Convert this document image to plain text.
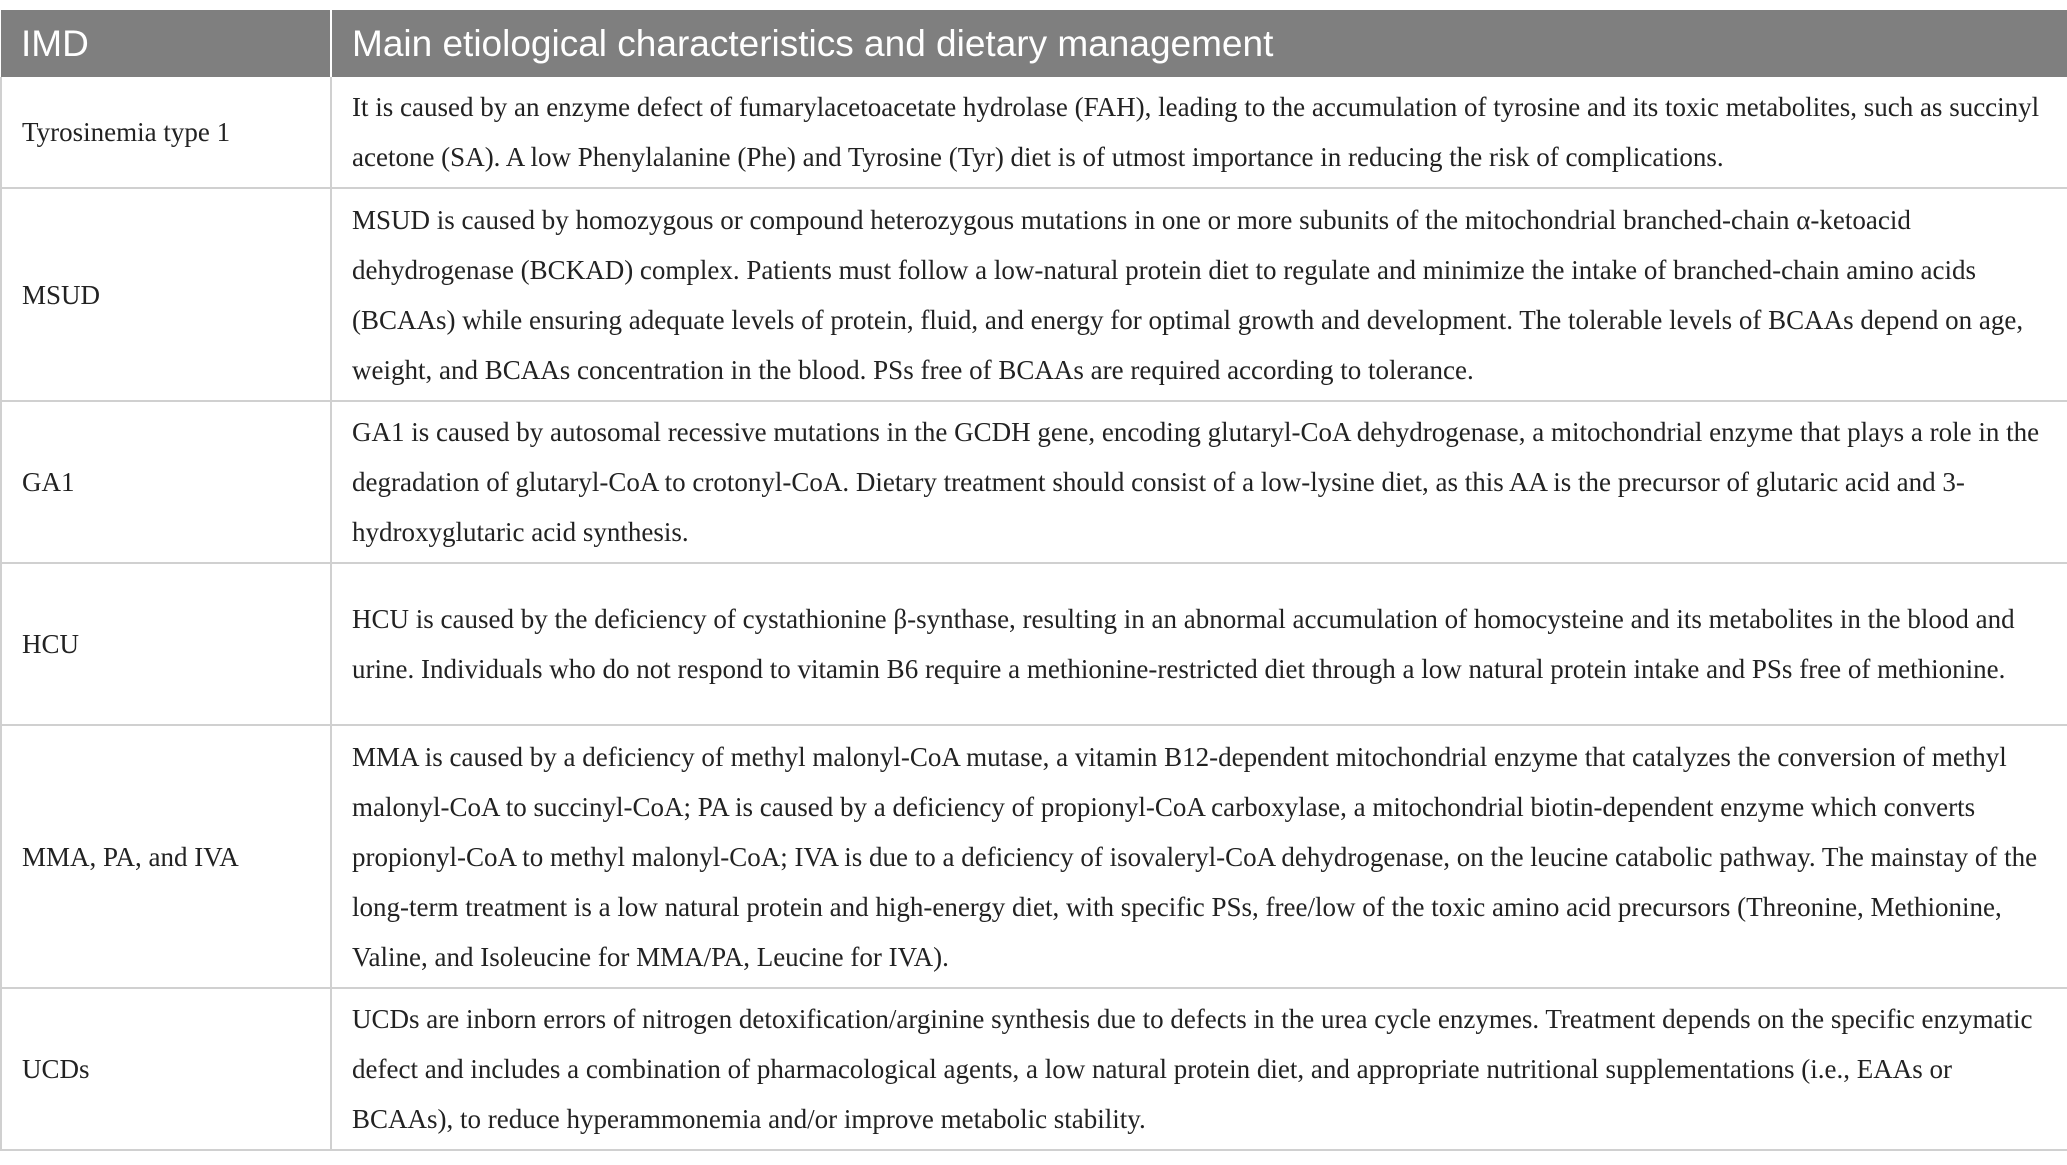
IMD	Main etiological characteristics and dietary management
Tyrosinemia type 1	It is caused by an enzyme defect of fumarylacetoacetate hydrolase (FAH), leading to the accumulation of tyrosine and its toxic metabolites, such as succinyl acetone (SA). A low Phenylalanine (Phe) and Tyrosine (Tyr) diet is of utmost importance in reducing the risk of complications.
MSUD	MSUD is caused by homozygous or compound heterozygous mutations in one or more subunits of the mitochondrial branched-chain α-ketoacid dehydrogenase (BCKAD) complex. Patients must follow a low-natural protein diet to regulate and minimize the intake of branched-chain amino acids (BCAAs) while ensuring adequate levels of protein, fluid, and energy for optimal growth and development. The tolerable levels of BCAAs depend on age, weight, and BCAAs concentration in the blood. PSs free of BCAAs are required according to tolerance.
GA1	GA1 is caused by autosomal recessive mutations in the GCDH gene, encoding glutaryl-CoA dehydrogenase, a mitochondrial enzyme that plays a role in the degradation of glutaryl-CoA to crotonyl-CoA. Dietary treatment should consist of a low-lysine diet, as this AA is the precursor of glutaric acid and 3-hydroxyglutaric acid synthesis.
HCU	HCU is caused by the deficiency of cystathionine β-synthase, resulting in an abnormal accumulation of homocysteine and its metabolites in the blood and urine. Individuals who do not respond to vitamin B6 require a methionine-restricted diet through a low natural protein intake and PSs free of methionine.
MMA, PA, and IVA	MMA is caused by a deficiency of methyl malonyl-CoA mutase, a vitamin B12-dependent mitochondrial enzyme that catalyzes the conversion of methyl malonyl-CoA to succinyl-CoA; PA is caused by a deficiency of propionyl-CoA carboxylase, a mitochondrial biotin-dependent enzyme which converts propionyl-CoA to methyl malonyl-CoA; IVA is due to a deficiency of isovaleryl-CoA dehydrogenase, on the leucine catabolic pathway. The mainstay of the long-term treatment is a low natural protein and high-energy diet, with specific PSs, free/low of the toxic amino acid precursors (Threonine, Methionine, Valine, and Isoleucine for MMA/PA, Leucine for IVA).
UCDs	UCDs are inborn errors of nitrogen detoxification/arginine synthesis due to defects in the urea cycle enzymes. Treatment depends on the specific enzymatic defect and includes a combination of pharmacological agents, a low natural protein diet, and appropriate nutritional supplementations (i.e., EAAs or BCAAs), to reduce hyperammonemia and/or improve metabolic stability.
